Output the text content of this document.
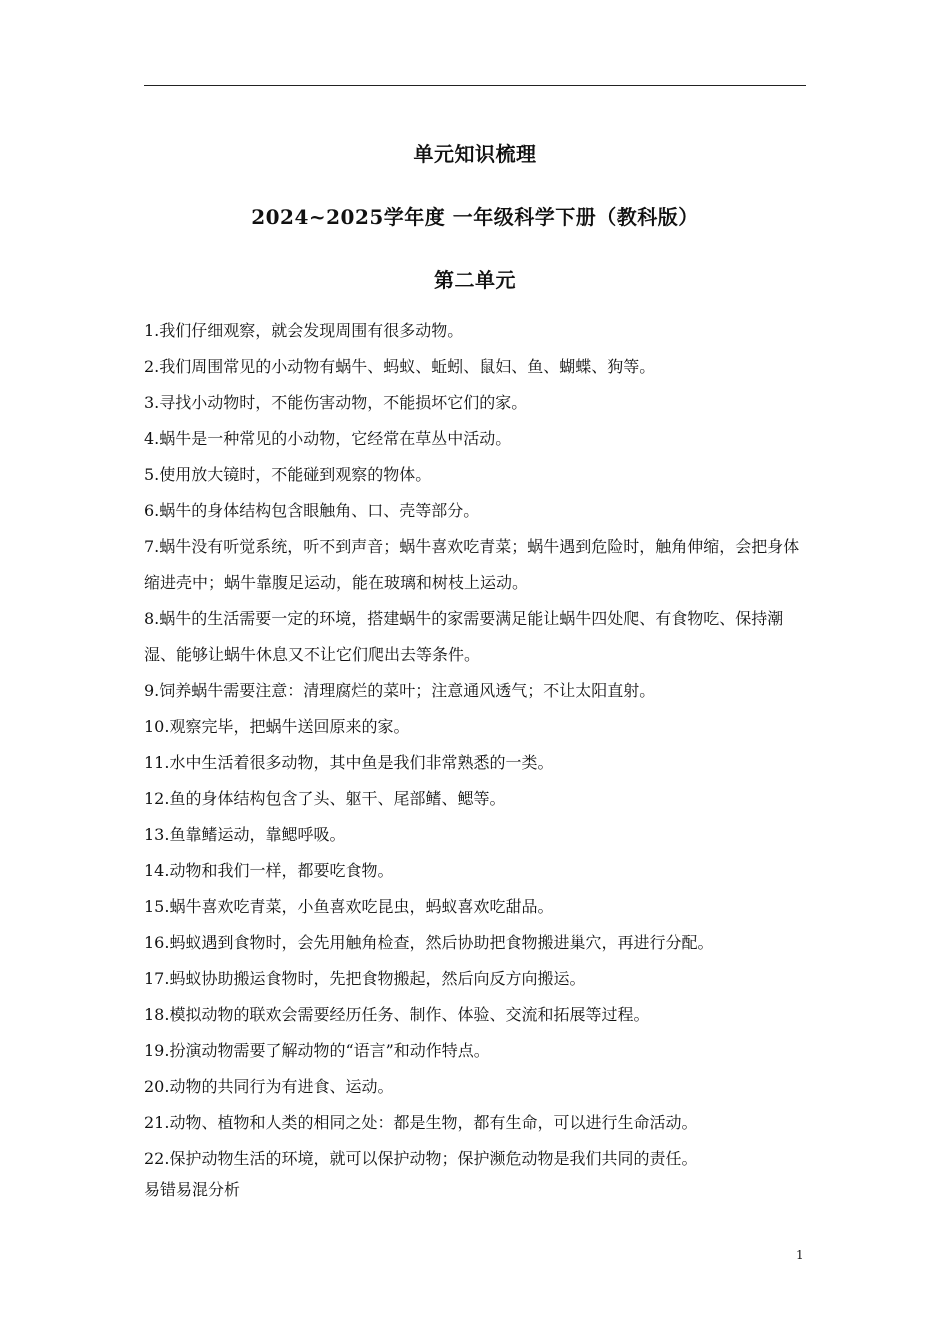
单元知识梳理
2024~2025学年度 一年级科学下册（教科版）
第二单元
1.我们仔细观察，就会发现周围有很多动物。
2.我们周围常见的小动物有蜗牛、蚂蚁、蚯蚓、鼠妇、鱼、蝴蝶、狗等。
3.寻找小动物时，不能伤害动物，不能损坏它们的家。
4.蜗牛是一种常见的小动物，它经常在草丛中活动。
5.使用放大镜时，不能碰到观察的物体。
6.蜗牛的身体结构包含眼触角、口、壳等部分。
7.蜗牛没有听觉系统，听不到声音；蜗牛喜欢吃青菜；蜗牛遇到危险时，触角伸缩，会把身体缩进壳中；蜗牛靠腹足运动，能在玻璃和树枝上运动。
8.蜗牛的生活需要一定的环境，搭建蜗牛的家需要满足能让蜗牛四处爬、有食物吃、保持潮湿、能够让蜗牛休息又不让它们爬出去等条件。
9.饲养蜗牛需要注意：清理腐烂的菜叶；注意通风透气；不让太阳直射。
10.观察完毕，把蜗牛送回原来的家。
11.水中生活着很多动物，其中鱼是我们非常熟悉的一类。
12.鱼的身体结构包含了头、躯干、尾部鳍、鳃等。
13.鱼靠鳍运动，靠鳃呼吸。
14.动物和我们一样，都要吃食物。
15.蜗牛喜欢吃青菜，小鱼喜欢吃昆虫，蚂蚁喜欢吃甜品。
16.蚂蚁遇到食物时，会先用触角检查，然后协助把食物搬进巢穴，再进行分配。
17.蚂蚁协助搬运食物时，先把食物搬起，然后向反方向搬运。
18.模拟动物的联欢会需要经历任务、制作、体验、交流和拓展等过程。
19.扮演动物需要了解动物的“语言”和动作特点。
20.动物的共同行为有进食、运动。
21.动物、植物和人类的相同之处：都是生物，都有生命，可以进行生命活动。
22.保护动物生活的环境，就可以保护动物；保护濒危动物是我们共同的责任。
易错易混分析
1
